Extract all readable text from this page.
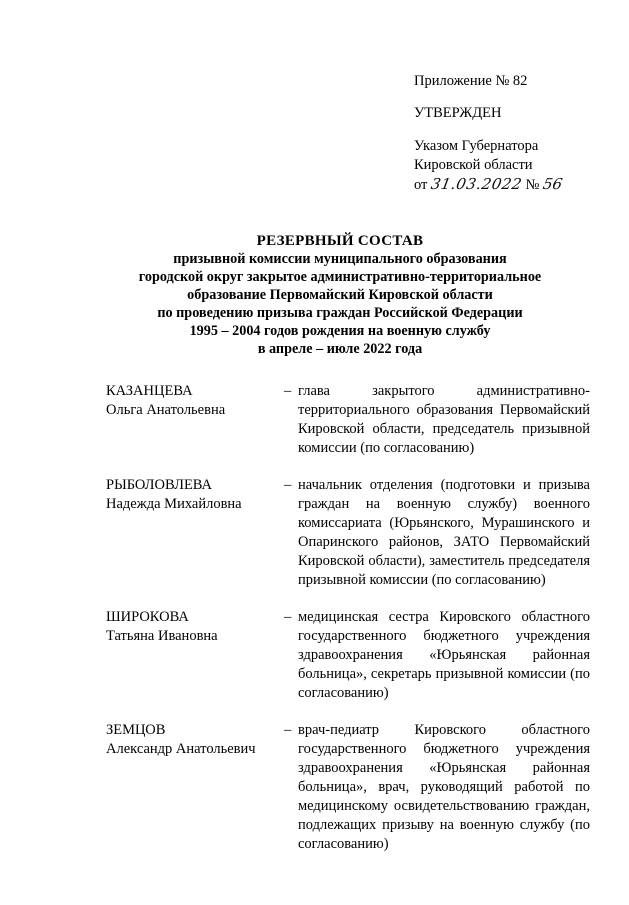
Приложение № 82
УТВЕРЖДЕН
Указом Губернатора
Кировской области
от 31.03.2022 № 56
РЕЗЕРВНЫЙ СОСТАВ
призывной комиссии муниципального образования
городской округ закрытое административно-территориальное
образование Первомайский Кировской области
по проведению призыва граждан Российской Федерации
1995 – 2004 годов рождения на военную службу
в апреле – июле 2022 года
КАЗАНЦЕВА
Ольга Анатольевна
– глава закрытого административно-территориального образования Первомайский Кировской области, председатель призывной комиссии (по согласованию)
РЫБОЛОВЛЕВА
Надежда Михайловна
– начальник отделения (подготовки и призыва граждан на военную службу) военного комиссариата (Юрьянского, Мурашинского и Опаринского районов, ЗАТО Первомайский Кировской области), заместитель председателя призывной комиссии (по согласованию)
ШИРОКОВА
Татьяна Ивановна
– медицинская сестра Кировского областного государственного бюджетного учреждения здравоохранения «Юрьянская районная больница», секретарь призывной комиссии (по согласованию)
ЗЕМЦОВ
Александр Анатольевич
– врач-педиатр Кировского областного государственного бюджетного учреждения здравоохранения «Юрьянская районная больница», врач, руководящий работой по медицинскому освидетельствованию граждан, подлежащих призыву на военную службу (по согласованию)
